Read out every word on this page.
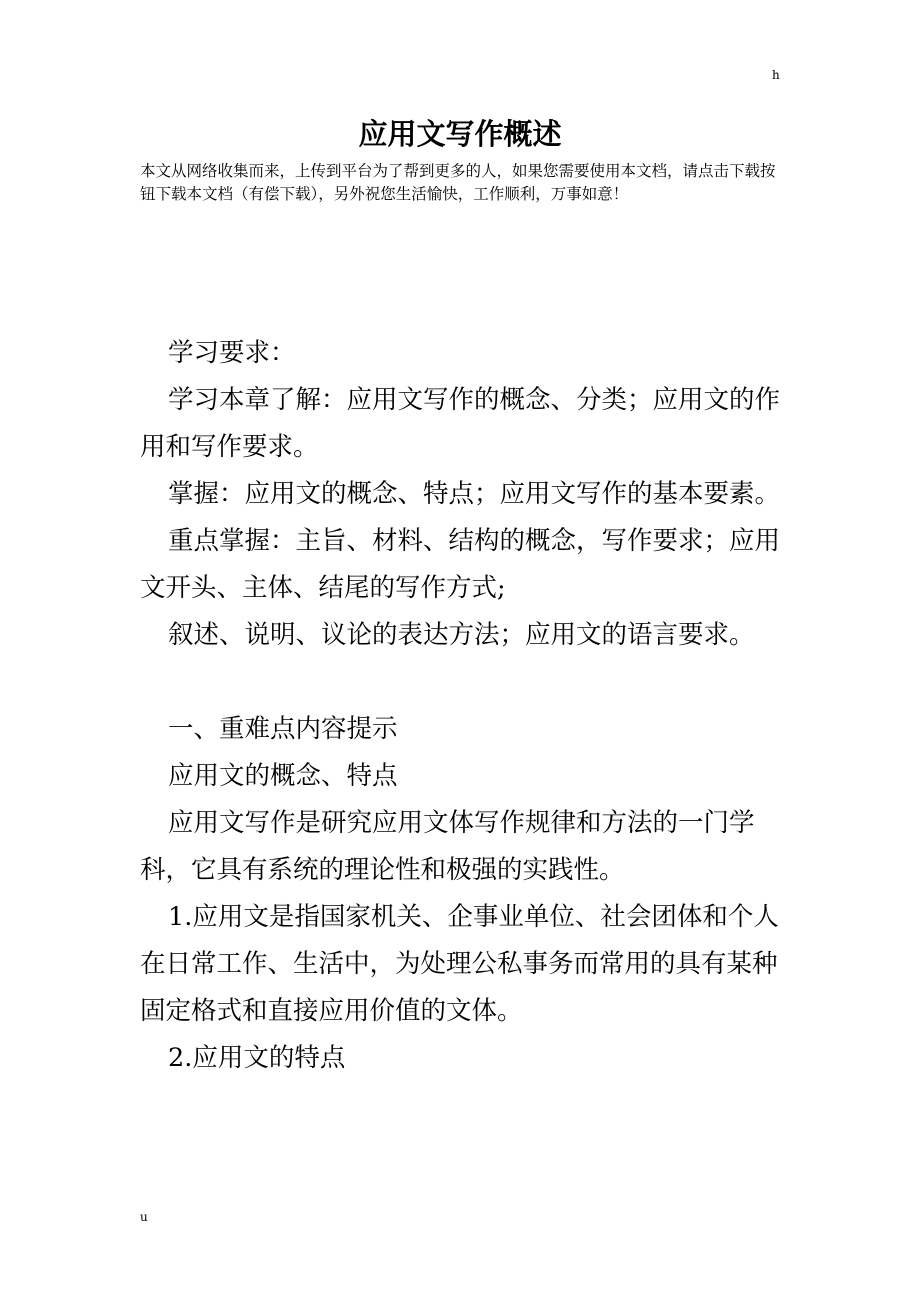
h
应用文写作概述

本文从网络收集而来，上传到平台为了帮到更多的人，如果您需要使用本文档，请点击下载按钮下载本文档（有偿下载），另外祝您生活愉快，工作顺利，万事如意！

学习要求：

学习本章了解：应用文写作的概念、分类；应用文的作用和写作要求。

掌握：应用文的概念、特点；应用文写作的基本要素。

重点掌握：主旨、材料、结构的概念，写作要求；应用文开头、主体、结尾的写作方式;

叙述、说明、议论的表达方法；应用文的语言要求。

一、重难点内容提示

应用文的概念、特点

应用文写作是研究应用文体写作规律和方法的一门学科，它具有系统的理论性和极强的实践性。

1.应用文是指国家机关、企事业单位、社会团体和个人在日常工作、生活中，为处理公私事务而常用的具有某种固定格式和直接应用价值的文体。

2.应用文的特点

u
